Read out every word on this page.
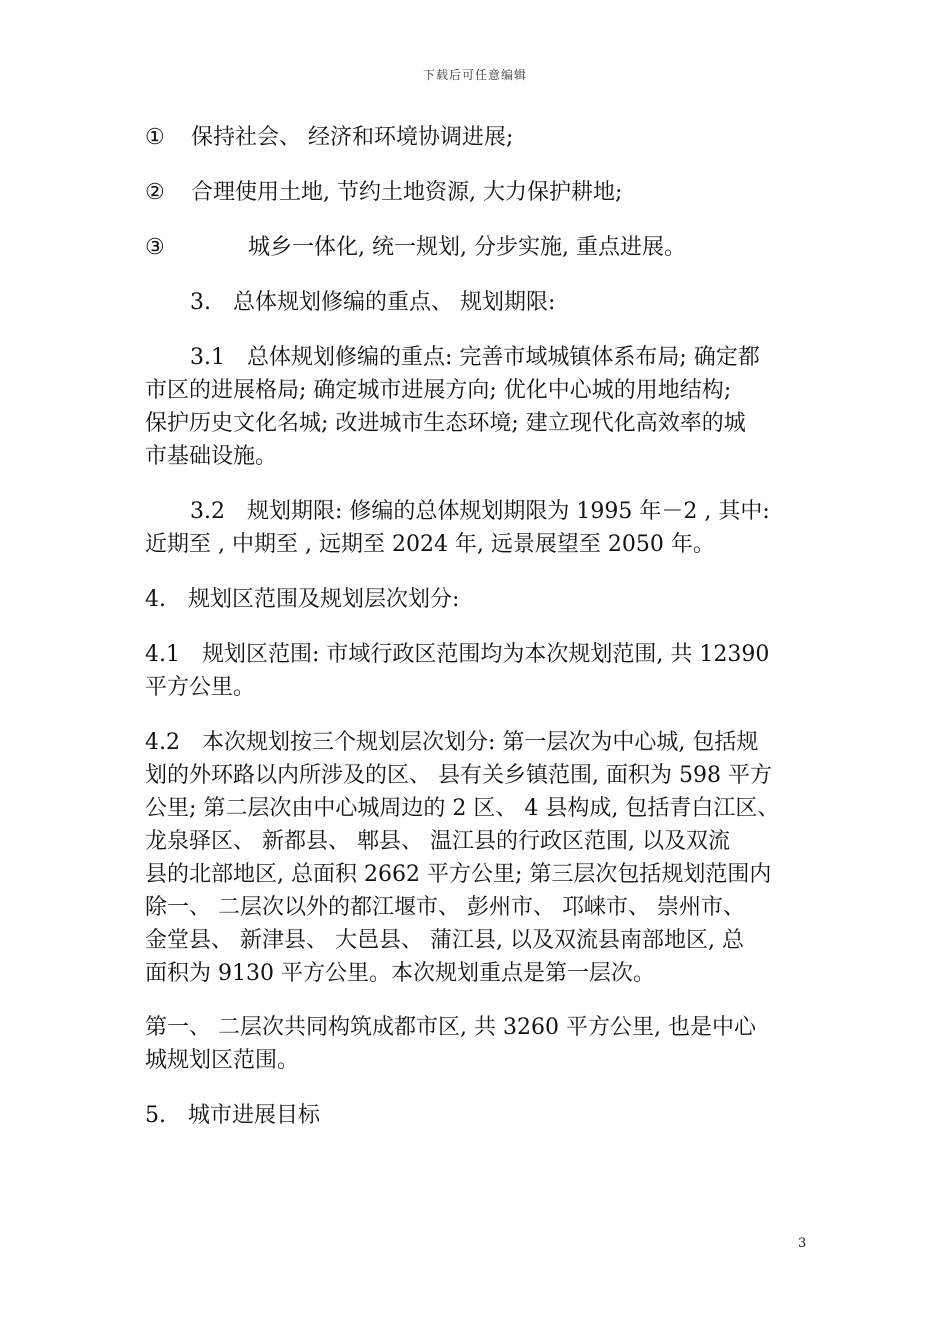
下载后可任意编辑
① 保持社会、 经济和环境协调进展;
② 合理使用土地, 节约土地资源, 大力保护耕地;
③	城乡一体化, 统一规划, 分步实施, 重点进展。
3.　总体规划修编的重点、 规划期限:
3.1　总体规划修编的重点: 完善市域城镇体系布局; 确定都
市区的进展格局; 确定城市进展方向; 优化中心城的用地结构;
保护历史文化名城; 改进城市生态环境; 建立现代化高效率的城
市基础设施。
3.2　规划期限: 修编的总体规划期限为 1995 年－2 , 其中:
近期至 , 中期至 , 远期至 2024 年, 远景展望至 2050 年。
4.　规划区范围及规划层次划分:
4.1　规划区范围: 市域行政区范围均为本次规划范围, 共 12390
平方公里。
4.2　本次规划按三个规划层次划分: 第一层次为中心城, 包括规
划的外环路以内所涉及的区、 县有关乡镇范围, 面积为 598 平方
公里; 第二层次由中心城周边的 2 区、 4 县构成, 包括青白江区、
龙泉驿区、 新都县、 郫县、 温江县的行政区范围, 以及双流
县的北部地区, 总面积 2662 平方公里; 第三层次包括规划范围内
除一、 二层次以外的都江堰市、 彭州市、 邛崃市、 崇州市、
金堂县、 新津县、 大邑县、 蒲江县, 以及双流县南部地区, 总
面积为 9130 平方公里。本次规划重点是第一层次。
第一、 二层次共同构筑成都市区, 共 3260 平方公里, 也是中心
城规划区范围。
5.　城市进展目标
3
